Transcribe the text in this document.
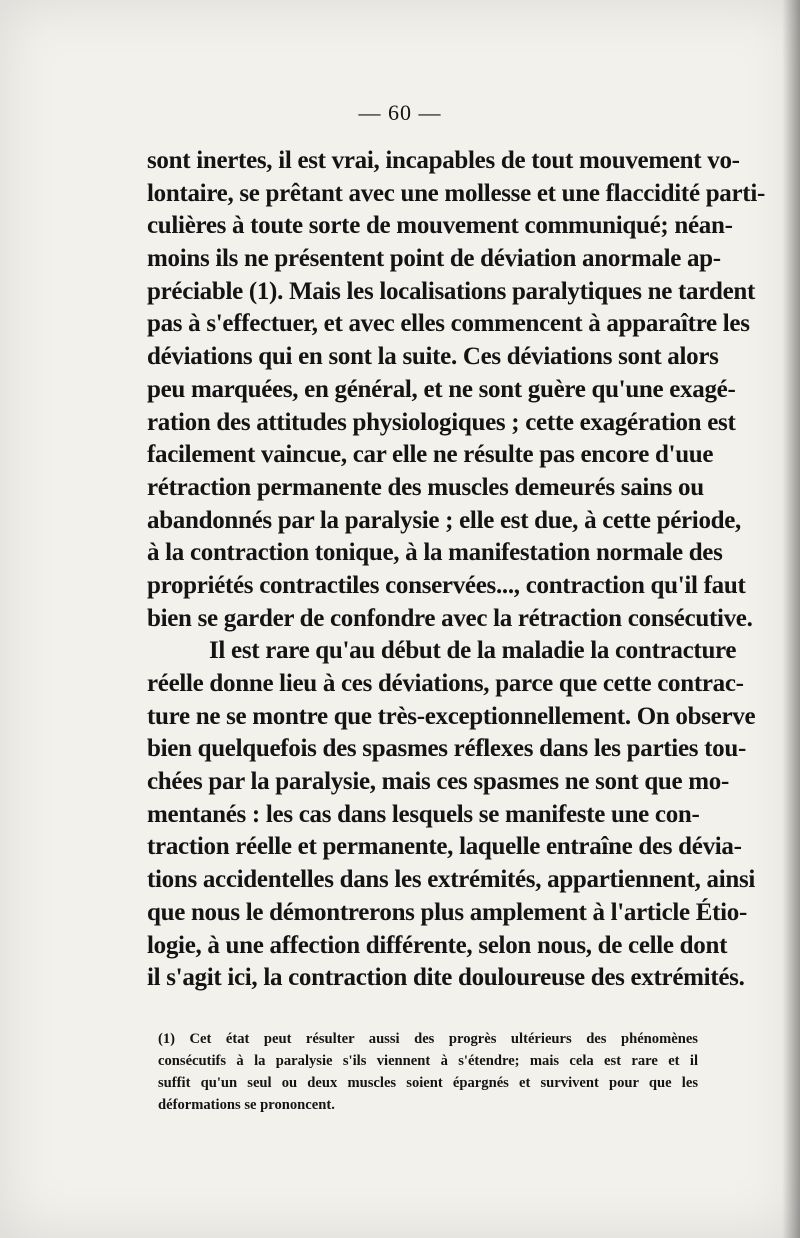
— 60 —
sont inertes, il est vrai, incapables de tout mouvement vo-
lontaire, se prêtant avec une mollesse et une flaccidité parti-
culières à toute sorte de mouvement communiqué; néan-
moins ils ne présentent point de déviation anormale ap-
préciable (1). Mais les localisations paralytiques ne tardent
pas à s'effectuer, et avec elles commencent à apparaître les
déviations qui en sont la suite. Ces déviations sont alors
peu marquées, en général, et ne sont guère qu'une exagé-
ration des attitudes physiologiques ; cette exagération est
facilement vaincue, car elle ne résulte pas encore d'uue
rétraction permanente des muscles demeurés sains ou
abandonnés par la paralysie ; elle est due, à cette période,
à la contraction tonique, à la manifestation normale des
propriétés contractiles conservées..., contraction qu'il faut
bien se garder de confondre avec la rétraction consécutive.
Il est rare qu'au début de la maladie la contracture
réelle donne lieu à ces déviations, parce que cette contrac-
ture ne se montre que très-exceptionnellement. On observe
bien quelquefois des spasmes réflexes dans les parties tou-
chées par la paralysie, mais ces spasmes ne sont que mo-
mentanés : les cas dans lesquels se manifeste une con-
traction réelle et permanente, laquelle entraîne des dévia-
tions accidentelles dans les extrémités, appartiennent, ainsi
que nous le démontrerons plus amplement à l'article Étio-
logie, à une affection différente, selon nous, de celle dont
il s'agit ici, la contraction dite douloureuse des extrémités.
(1) Cet état peut résulter aussi des progrès ultérieurs des phénomènes
consécutifs à la paralysie s'ils viennent à s'étendre; mais cela est rare et il
suffit qu'un seul ou deux muscles soient épargnés et survivent pour que les
déformations se prononcent.
